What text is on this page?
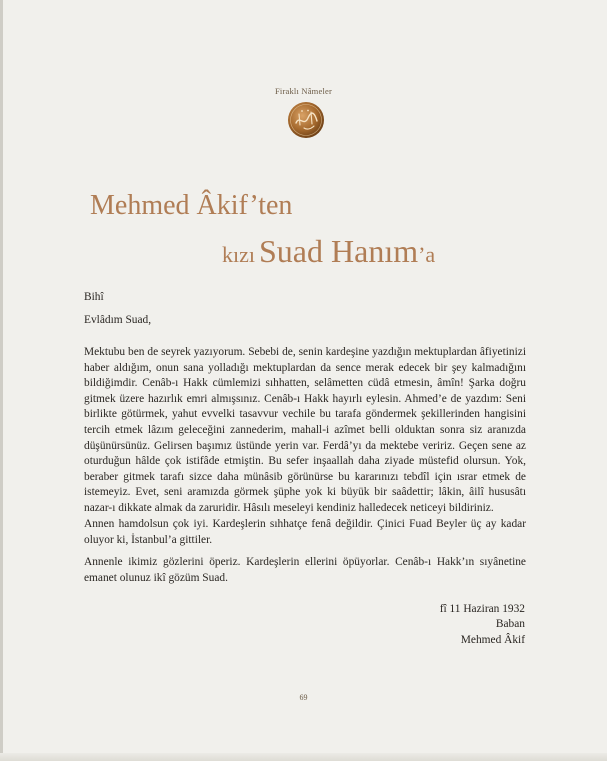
Firaklı Nâmeler
Mehmed Âkif’ten
kızı Suad Hanım’a
Bihî
Evlâdım Suad,
Mektubu ben de seyrek yazıyorum. Sebebi de, senin kardeşine yazdığın mektuplardan âfiyetinizi haber aldığım, onun sana yolladığı mektuplardan da sence merak edecek bir şey kalmadığını bildiğimdir. Cenâb-ı Hakk cümlemizi sıhhatten, selâmetten cüdâ etmesin, âmîn! Şarka doğru gitmek üzere hazırlık emri almışsınız. Cenâb-ı Hakk hayırlı eylesin. Ahmed’e de yazdım: Seni birlikte götürmek, yahut evvelki tasavvur vechile bu tarafa göndermek şekillerinden hangisini tercih etmek lâzım geleceğini zannederim, mahall-i azîmet belli olduktan sonra siz aranızda düşünürsünüz. Gelirsen başımız üstünde yerin var. Ferdâ’yı da mektebe veririz. Geçen sene az oturduğun hâlde çok istifâde etmiştin. Bu sefer inşaallah daha ziyade müstefid olursun. Yok, beraber gitmek tarafı sizce daha münâsib görünürse bu kararınızı tebdîl için ısrar etmek de istemeyiz. Evet, seni aramızda görmek şüphe yok ki büyük bir saâdettir; lâkin, âilî hususâtı nazar-ı dikkate almak da zaruridir. Hâsılı meseleyi kendiniz halledecek neticeyi bildiriniz.
Annen hamdolsun çok iyi. Kardeşlerin sıhhatçe fenâ değildir. Çinici Fuad Beyler üç ay kadar oluyor ki, İstanbul’a gittiler.
Annenle ikimiz gözlerini öperiz. Kardeşlerin ellerini öpüyorlar. Cenâb-ı Hakk’ın sıyânetine emanet olunuz ikî gözüm Suad.
fî 11 Haziran 1932
Baban
Mehmed Âkif
69
